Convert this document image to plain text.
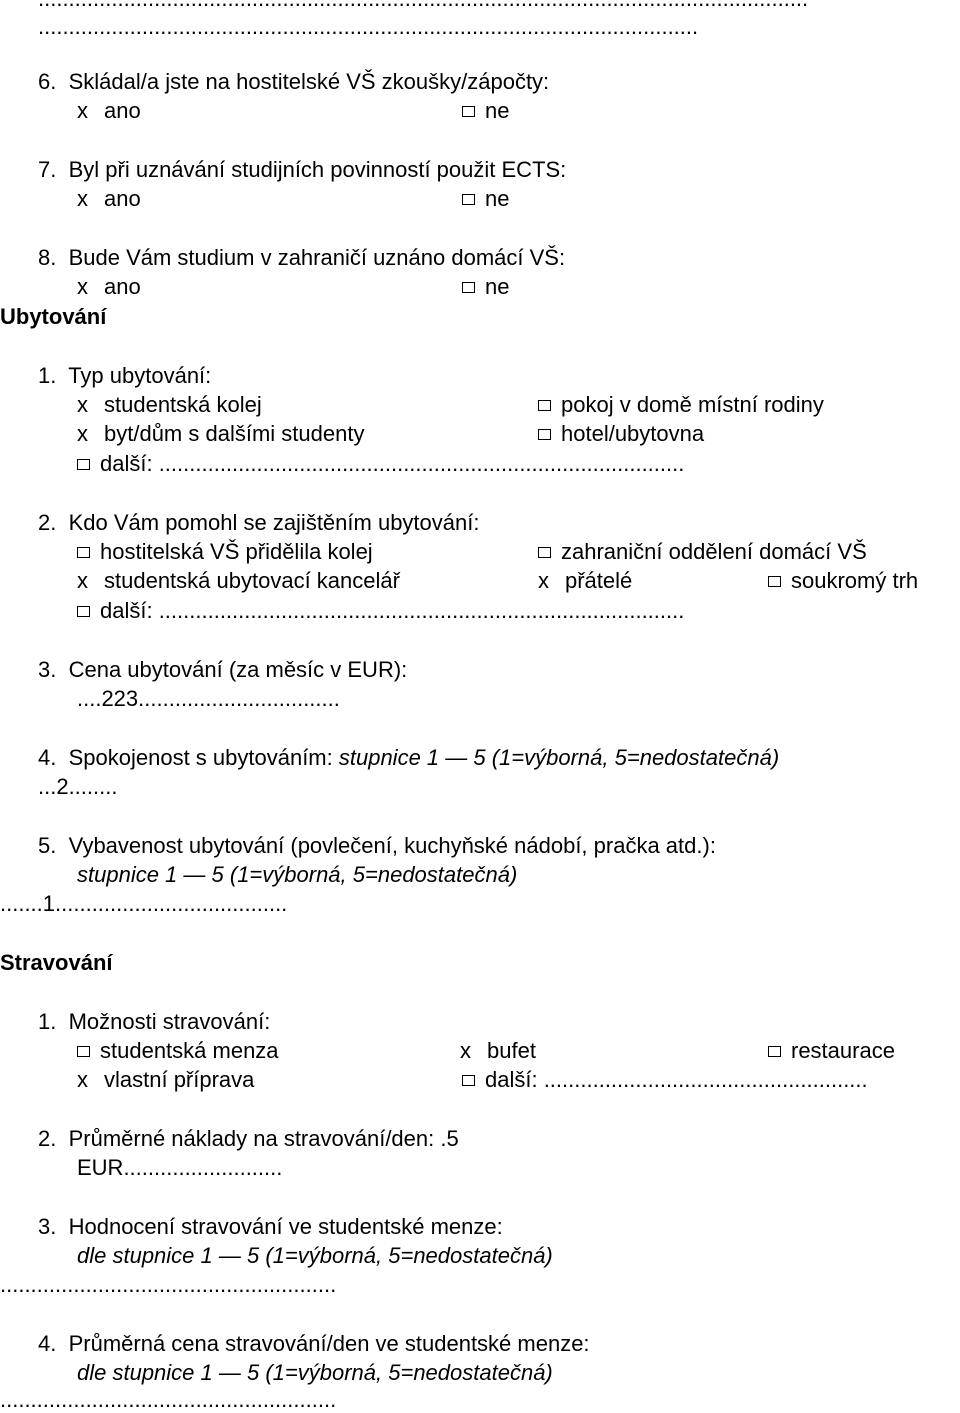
............................................................................................................
6. Skládal/a jste na hostitelské VŠ zkoušky/zápočty:
x ano	ne
7. Byl při uznávání studijních povinností použit ECTS:
x ano	ne
8. Bude Vám studium v zahraničí uznáno domácí VŠ:
x ano	ne
Ubytování
1. Typ ubytování:
x studentská kolej	pokoj v domě místní rodiny
x byt/dům s dalšími studenty	hotel/ubytovna
další: ......................................................................................
2. Kdo Vám pomohl se zajištěním ubytování:
hostitelská VŠ přidělila kolej	zahraniční oddělení domácí VŠ
x studentská ubytovací kancelář	x přátelé	soukromý trh
další: ......................................................................................
3. Cena ubytování (za měsíc v EUR):
....223.................................
4. Spokojenost s ubytováním: stupnice 1 — 5 (1=výborná, 5=nedostatečná)
...2........
5. Vybavenost ubytování (povlečení, kuchyňské nádobí, pračka atd.):
stupnice 1 — 5 (1=výborná, 5=nedostatečná)
.......1......................................
Stravování
1. Možnosti stravování:
studentská menza	x bufet	restaurace
x vlastní příprava	další: .....................................................
2. Průměrné náklady na stravování/den: .5
EUR..........................
3. Hodnocení stravování ve studentské menze:
dle stupnice 1 — 5 (1=výborná, 5=nedostatečná)
.......................................................
4. Průměrná cena stravování/den ve studentské menze:
dle stupnice 1 — 5 (1=výborná, 5=nedostatečná)
.......................................................
